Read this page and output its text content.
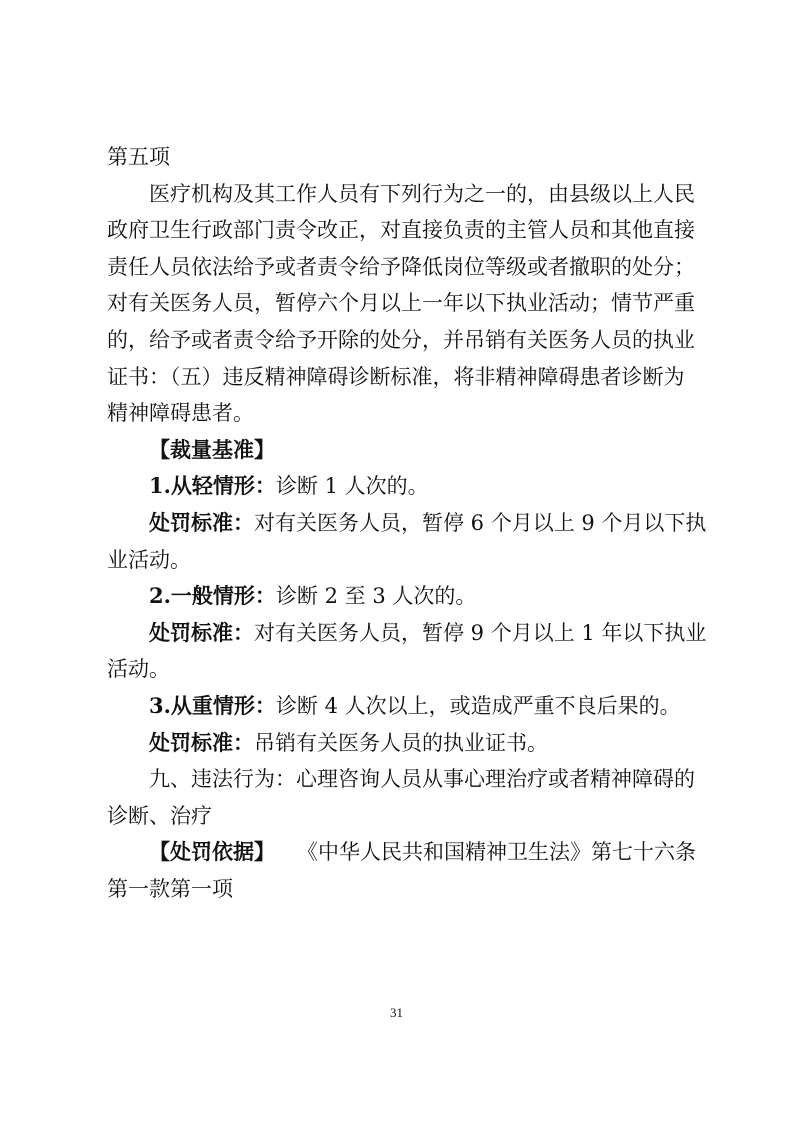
第五项
医疗机构及其工作人员有下列行为之一的，由县级以上人民
政府卫生行政部门责令改正，对直接负责的主管人员和其他直接
责任人员依法给予或者责令给予降低岗位等级或者撤职的处分；
对有关医务人员，暂停六个月以上一年以下执业活动；情节严重
的，给予或者责令给予开除的处分，并吊销有关医务人员的执业
证书：（五）违反精神障碍诊断标准，将非精神障碍患者诊断为
精神障碍患者。
【裁量基准】
1.从轻情形：诊断 1 人次的。
处罚标准：对有关医务人员，暂停 6 个月以上 9 个月以下执
业活动。
2.一般情形：诊断 2 至 3 人次的。
处罚标准：对有关医务人员，暂停 9 个月以上 1 年以下执业
活动。
3.从重情形：诊断 4 人次以上，或造成严重不良后果的。
处罚标准：吊销有关医务人员的执业证书。
九、违法行为：心理咨询人员从事心理治疗或者精神障碍的
诊断、治疗
【处罚依据】 《中华人民共和国精神卫生法》第七十六条
第一款第一项
31
